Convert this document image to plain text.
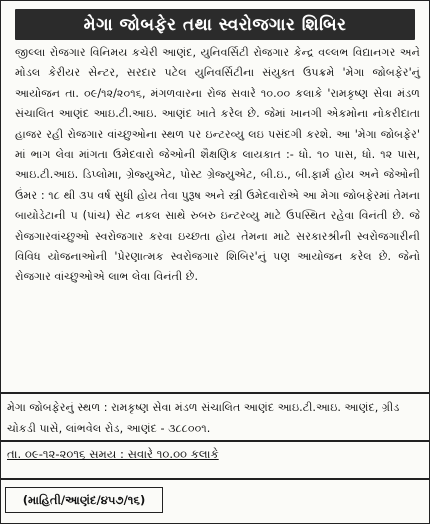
મેગા જોબફેર તથા સ્વરોજગાર શિબિર

જીલ્લા રોજગાર વિનિમય કચેરી આણંદ, યુનિવર્સિટી રોજગાર કેન્દ્ર વલ્લભ વિદ્યાનગર અને મોડલ કેરીયર સેન્ટર, સરદાર પટેલ યુનિવર્સિટીના સંયુક્ત ઉપક્રમે 'મેગા જોબફેર'નું આયોજન તા. ૦૯/૧૨/૨૦૧૬, મંગળવારના રોજ સવારે ૧૦.૦૦ કલાકે 'રામકૃષ્ણ સેવા મંડળ સંચાલિત આણંદ આઇ.ટી.આઇ. આણંદ ખાતે કરેલ છે. જેમાં ખાનગી એકમોના નોકરીદાતા હાજર રહી રોજગાર વાંચ્છુઓના સ્થળ પર ઇન્ટરવ્યુ લઇ પસંદગી કરશે. આ 'મેગા જોબફેર' માં ભાગ લેવા માંગતા ઉમેદવારો જેઓની શૈક્ષણિક લાયકાત :- ધો. ૧૦ પાસ, ધો. ૧૨ પાસ, આઇ.ટી.આઇ. ડિપ્લોમા, ગ્રેજ્યુએટ, પોસ્ટ ગ્રેજ્યુએટ, બી.ઇ., બી.ફાર્મ હોય અને જેઓની ઉંમર : ૧૮ થી ૩૫ વર્ષ સુધી હોય તેવા પુરૂષ અને સ્ત્રી ઉમેદવારોએ આ મેગા જોબફેરમાં તેમના બાયોડેટાની ૫ (પાંચ) સેટ નકલ સાથે રુબરુ ઇન્ટરવ્યુ માટે ઉપસ્થિત રહેવા વિનંતી છે. જે રોજગારવાંચ્છુઓ સ્વરોજગાર કરવા ઇચ્છતા હોય તેમના માટે સરકારશ્રીની સ્વરોજગારીની વિવિધ યોજનાઓની 'પ્રેરણાત્મક સ્વરોજગાર શિબિર'નું પણ આયોજન કરેલ છે. જેનો રોજગાર વાંચ્છુઓએ લાભ લેવા વિનંતી છે.

મેગા જોબફેરનું સ્થળ : રામકૃષ્ણ સેવા મંડળ સંચાલિત આણંદ આઇ.ટી.આઇ. આણંદ, ગ્રીડ ચોકડી પાસે, લાંભવેલ રોડ, આણંદ - ૩૮૮૦૦૧.

તા. ૦૯-૧૨-૨૦૧૬ સમય : સવારે ૧૦.૦૦ કલાકે

(માહિતી/આણંદ/૪૫૭/૧૬)
